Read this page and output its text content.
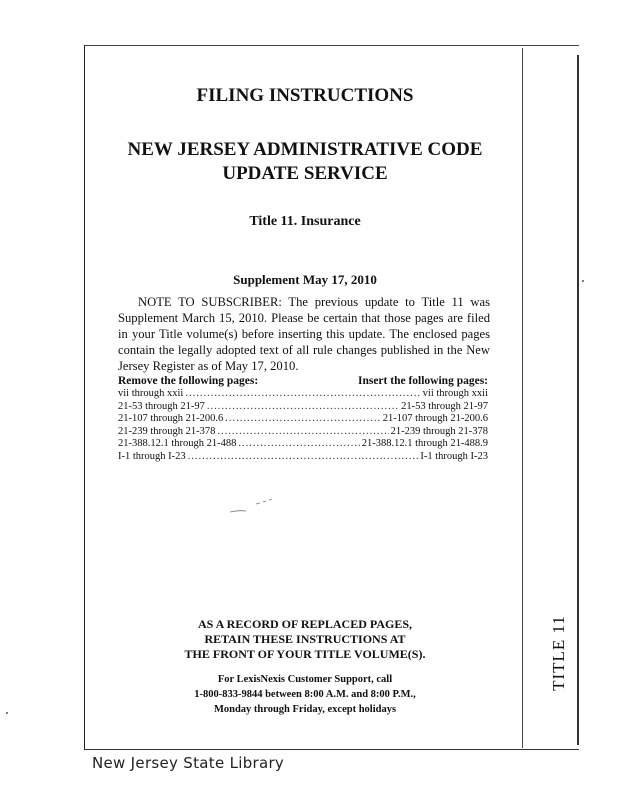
TITLE 11
FILING INSTRUCTIONS
NEW JERSEY ADMINISTRATIVE CODE
UPDATE SERVICE
Title 11. Insurance
Supplement May 17, 2010
NOTE TO SUBSCRIBER: The previous update to Title 11 was Supplement March 15, 2010. Please be certain that those pages are filed in your Title volume(s) before inserting this update. The enclosed pages contain the legally adopted text of all rule changes published in the New Jersey Register as of May 17, 2010.
Remove the following pages:	Insert the following pages:
vii through xxii .....	vii through xxii
21-53 through 21-97 .....	21-53 through 21-97
21-107 through 21-200.6 .....	21-107 through 21-200.6
21-239 through 21-378 .....	21-239 through 21-378
21-388.12.1 through 21-488 .....	21-388.12.1 through 21-488.9
I-1 through I-23 .....	I-1 through I-23
AS A RECORD OF REPLACED PAGES,
RETAIN THESE INSTRUCTIONS AT
THE FRONT OF YOUR TITLE VOLUME(S).
For LexisNexis Customer Support, call
1-800-833-9844 between 8:00 A.M. and 8:00 P.M.,
Monday through Friday, except holidays
New Jersey State Library
